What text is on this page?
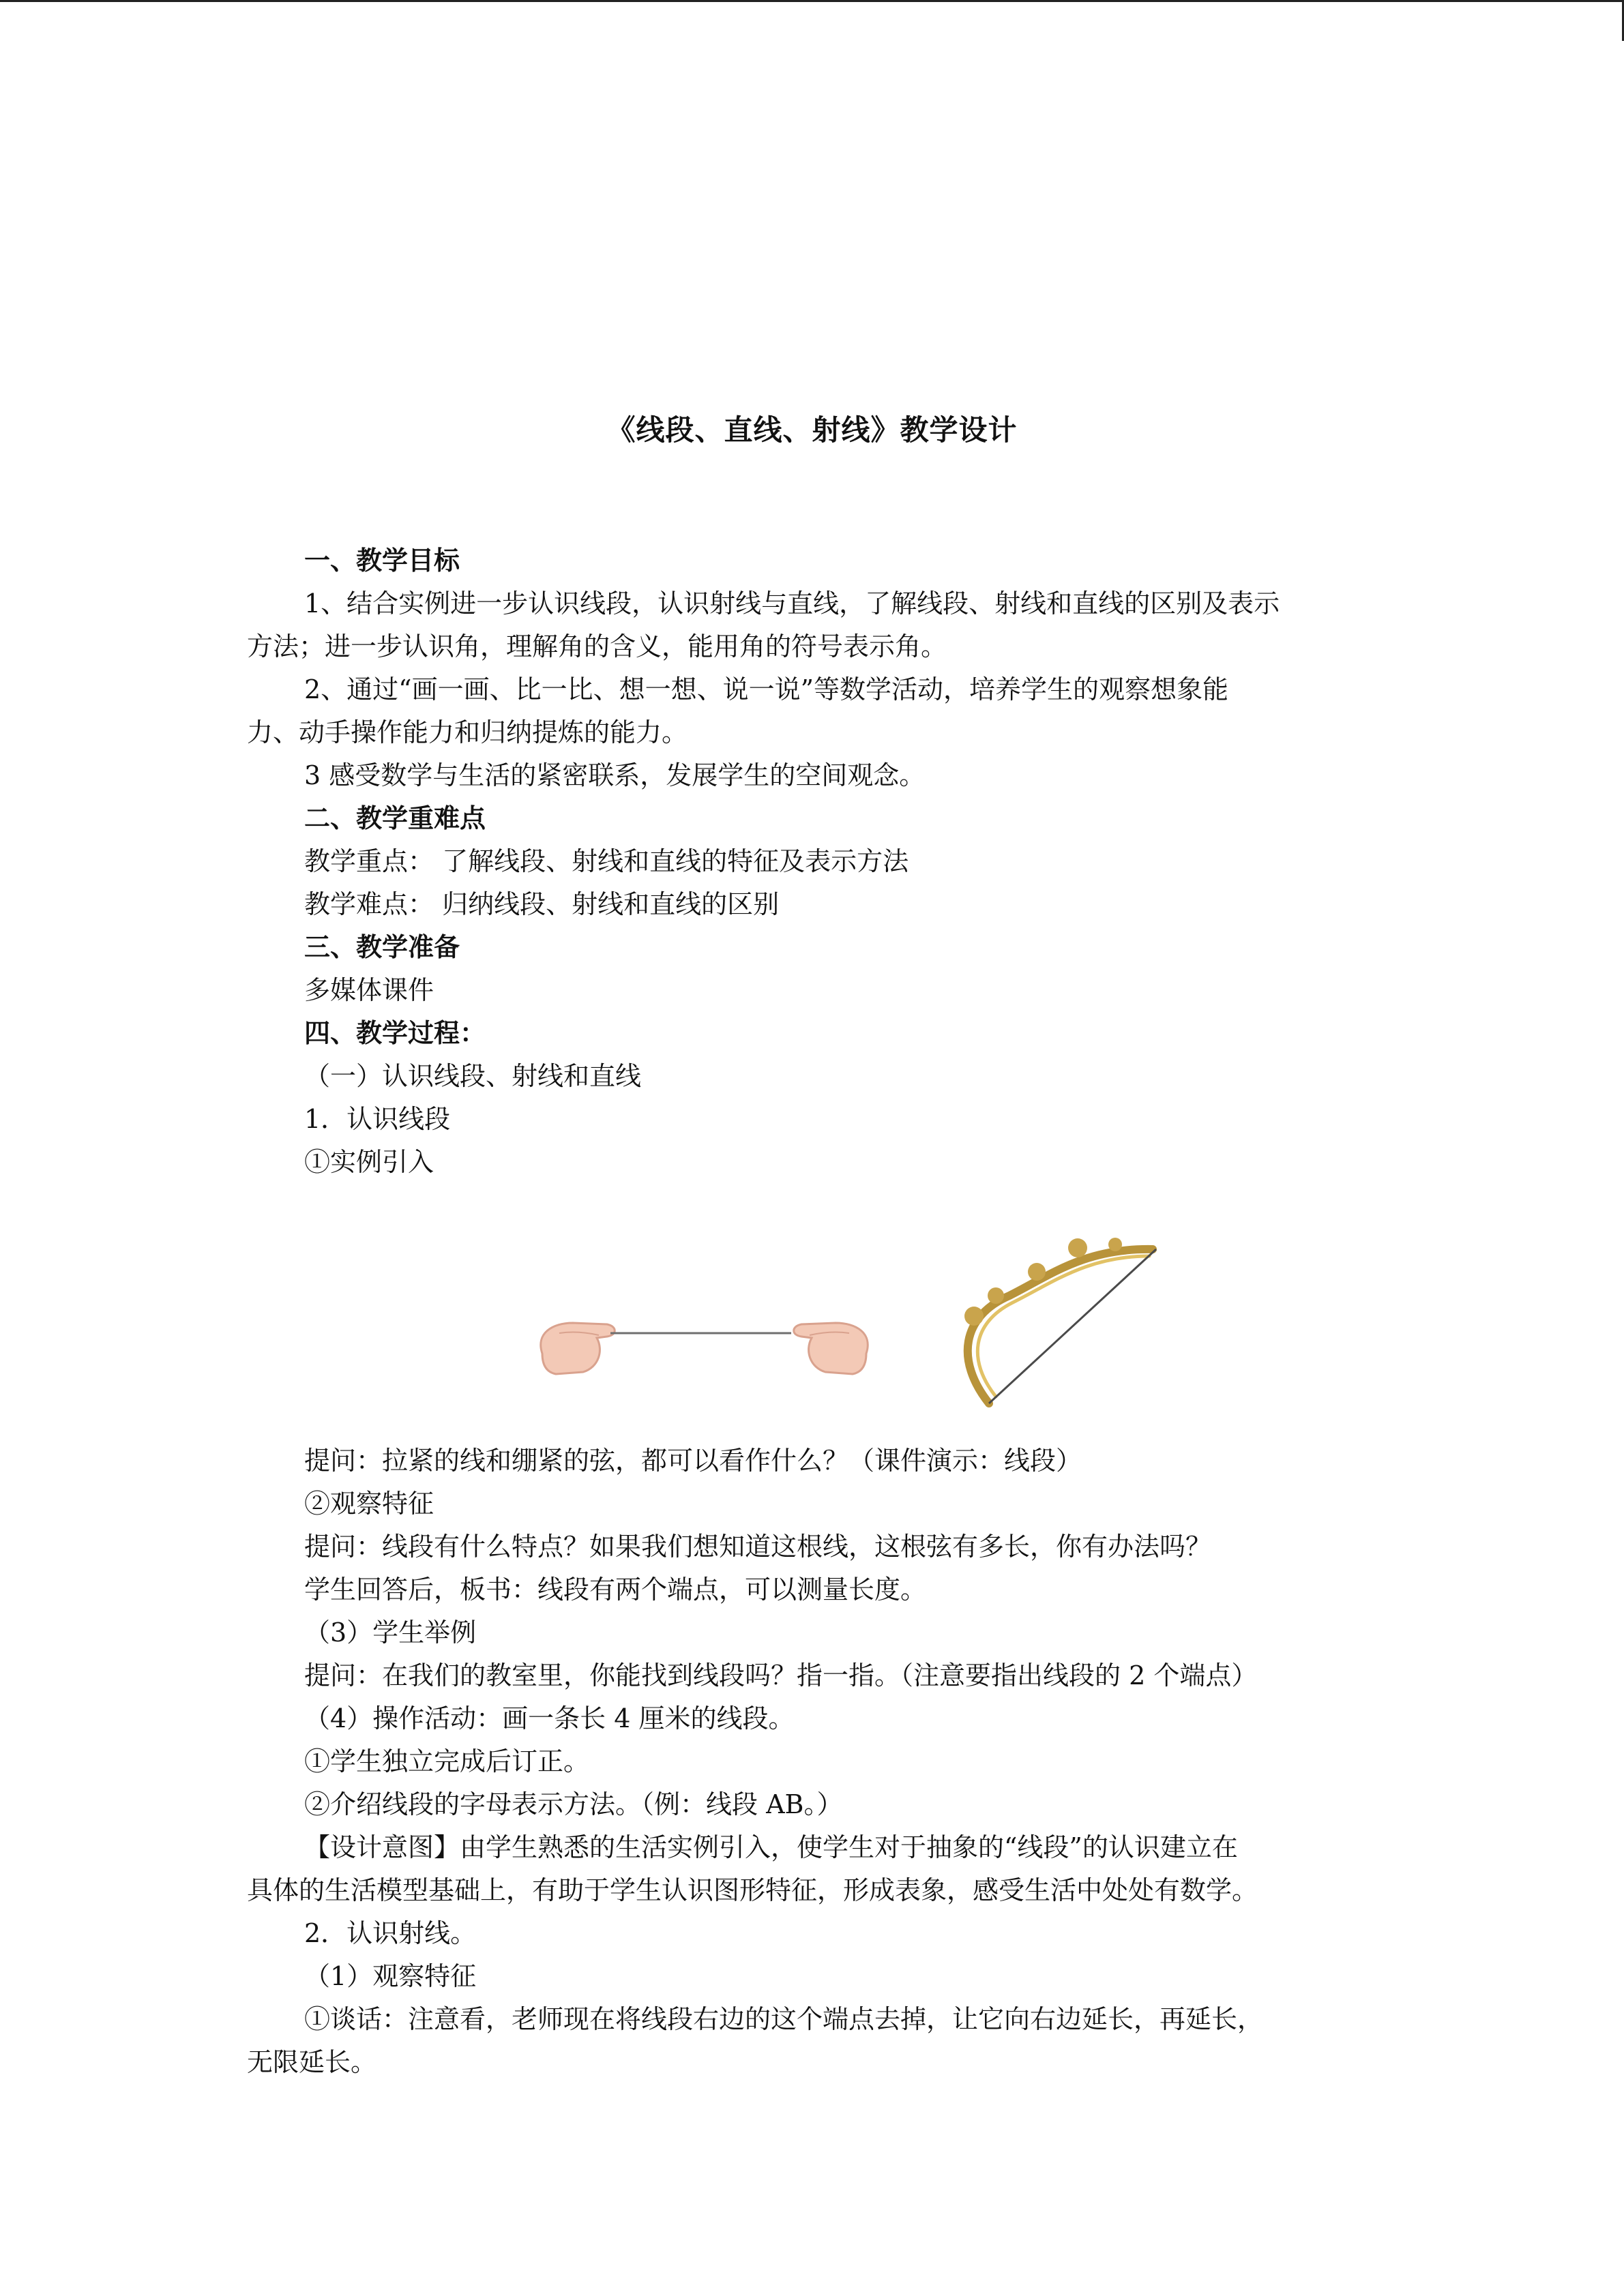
《线段、直线、射线》教学设计
一、教学目标
1、结合实例进一步认识线段，认识射线与直线，了解线段、射线和直线的区别及表示
方法；进一步认识角，理解角的含义，能用角的符号表示角。
2、通过“画一画、比一比、想一想、说一说”等数学活动，培养学生的观察想象能
力、动手操作能力和归纳提炼的能力。
3 感受数学与生活的紧密联系，发展学生的空间观念。
二、教学重难点
教学重点： 了解线段、射线和直线的特征及表示方法
教学难点： 归纳线段、射线和直线的区别
三、教学准备
多媒体课件
四、教学过程：
（一）认识线段、射线和直线
1．认识线段
①实例引入
提问：拉紧的线和绷紧的弦，都可以看作什么？（课件演示：线段）
②观察特征
提问：线段有什么特点？如果我们想知道这根线，这根弦有多长，你有办法吗？
学生回答后，板书：线段有两个端点，可以测量长度。
（3）学生举例
提问：在我们的教室里，你能找到线段吗？指一指。（注意要指出线段的 2 个端点）
（4）操作活动：画一条长 4 厘米的线段。
①学生独立完成后订正。
②介绍线段的字母表示方法。（例：线段 AB。）
【设计意图】由学生熟悉的生活实例引入，使学生对于抽象的“线段”的认识建立在
具体的生活模型基础上，有助于学生认识图形特征，形成表象，感受生活中处处有数学。
2．认识射线。
（1）观察特征
①谈话：注意看，老师现在将线段右边的这个端点去掉，让它向右边延长，再延长，
无限延长。
